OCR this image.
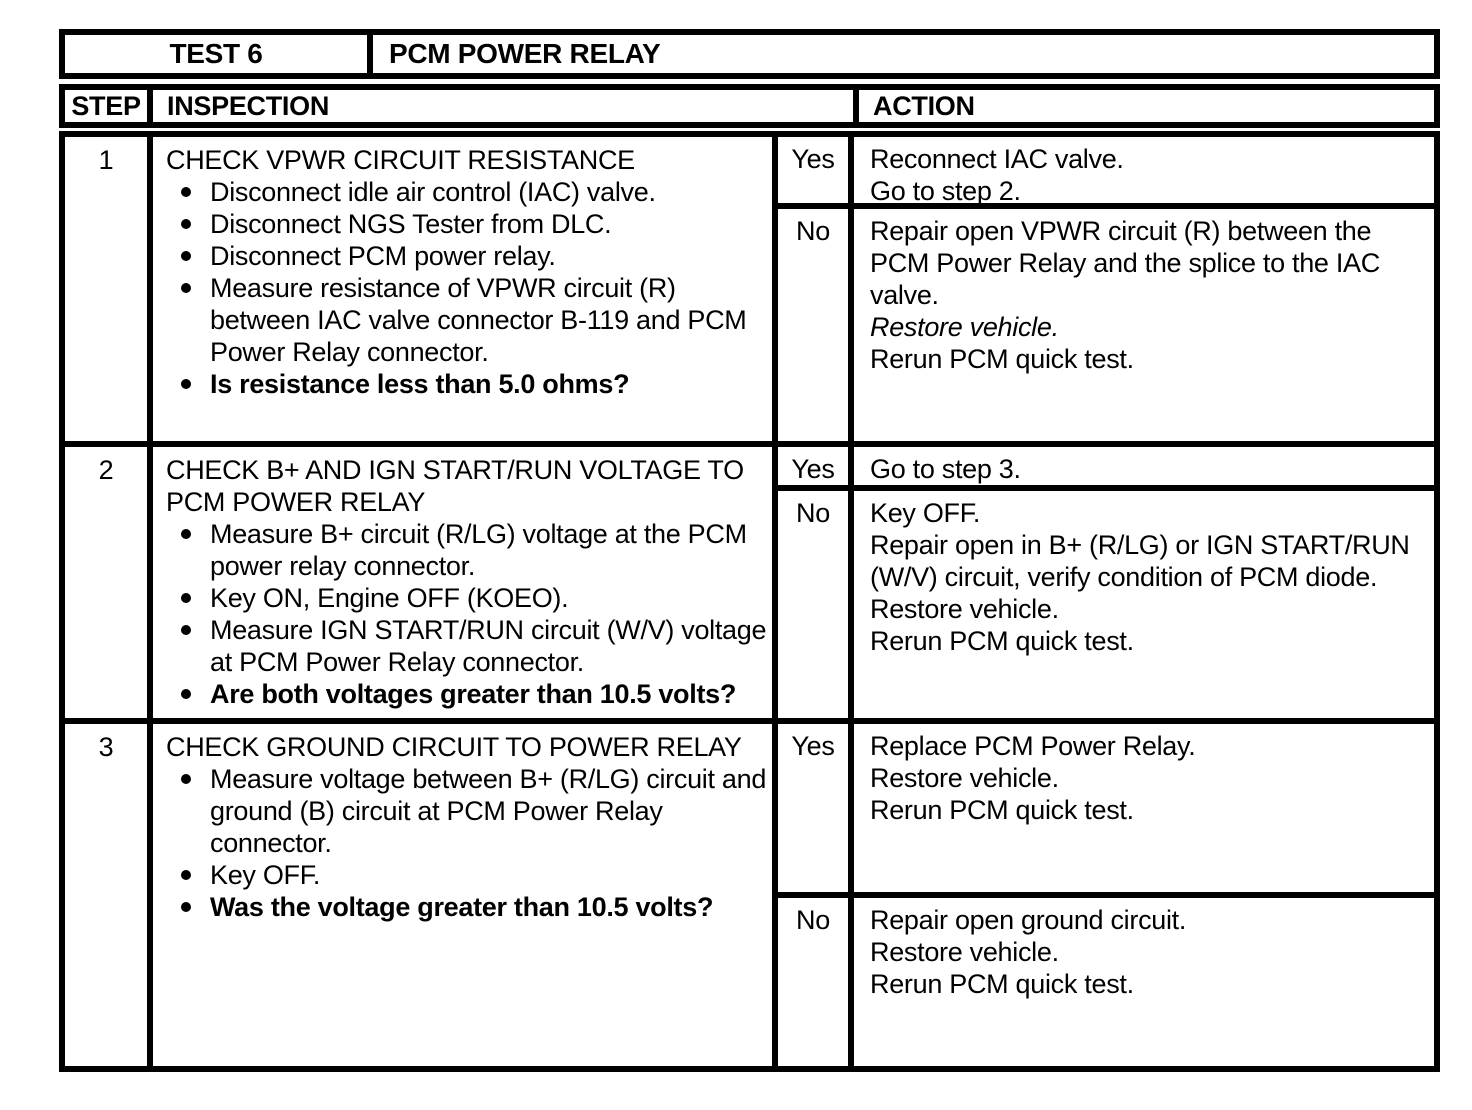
TEST 6	PCM POWER RELAY
STEP INSPECTION	ACTION
1	CHECK VPWR CIRCUIT RESISTANCE
Disconnect idle air control (IAC) valve.
Disconnect NGS Tester from DLC.
Disconnect PCM power relay.
Measure resistance of VPWR circuit (R) between IAC valve connector B-119 and PCM Power Relay connector.
Is resistance less than 5.0 ohms?
Yes	Reconnect IAC valve.
Go to step 2.
No	Repair open VPWR circuit (R) between the PCM Power Relay and the splice to the IAC valve.
Restore vehicle.
Rerun PCM quick test.
2	CHECK B+ AND IGN START/RUN VOLTAGE TO PCM POWER RELAY
Measure B+ circuit (R/LG) voltage at the PCM power relay connector.
Key ON, Engine OFF (KOEO).
Measure IGN START/RUN circuit (W/V) voltage at PCM Power Relay connector.
Are both voltages greater than 10.5 volts?
Yes	Go to step 3.
No	Key OFF.
Repair open in B+ (R/LG) or IGN START/RUN (W/V) circuit, verify condition of PCM diode.
Restore vehicle.
Rerun PCM quick test.
3	CHECK GROUND CIRCUIT TO POWER RELAY
Measure voltage between B+ (R/LG) circuit and ground (B) circuit at PCM Power Relay connector.
Key OFF.
Was the voltage greater than 10.5 volts?
Yes	Replace PCM Power Relay.
Restore vehicle.
Rerun PCM quick test.
No	Repair open ground circuit.
Restore vehicle.
Rerun PCM quick test.
